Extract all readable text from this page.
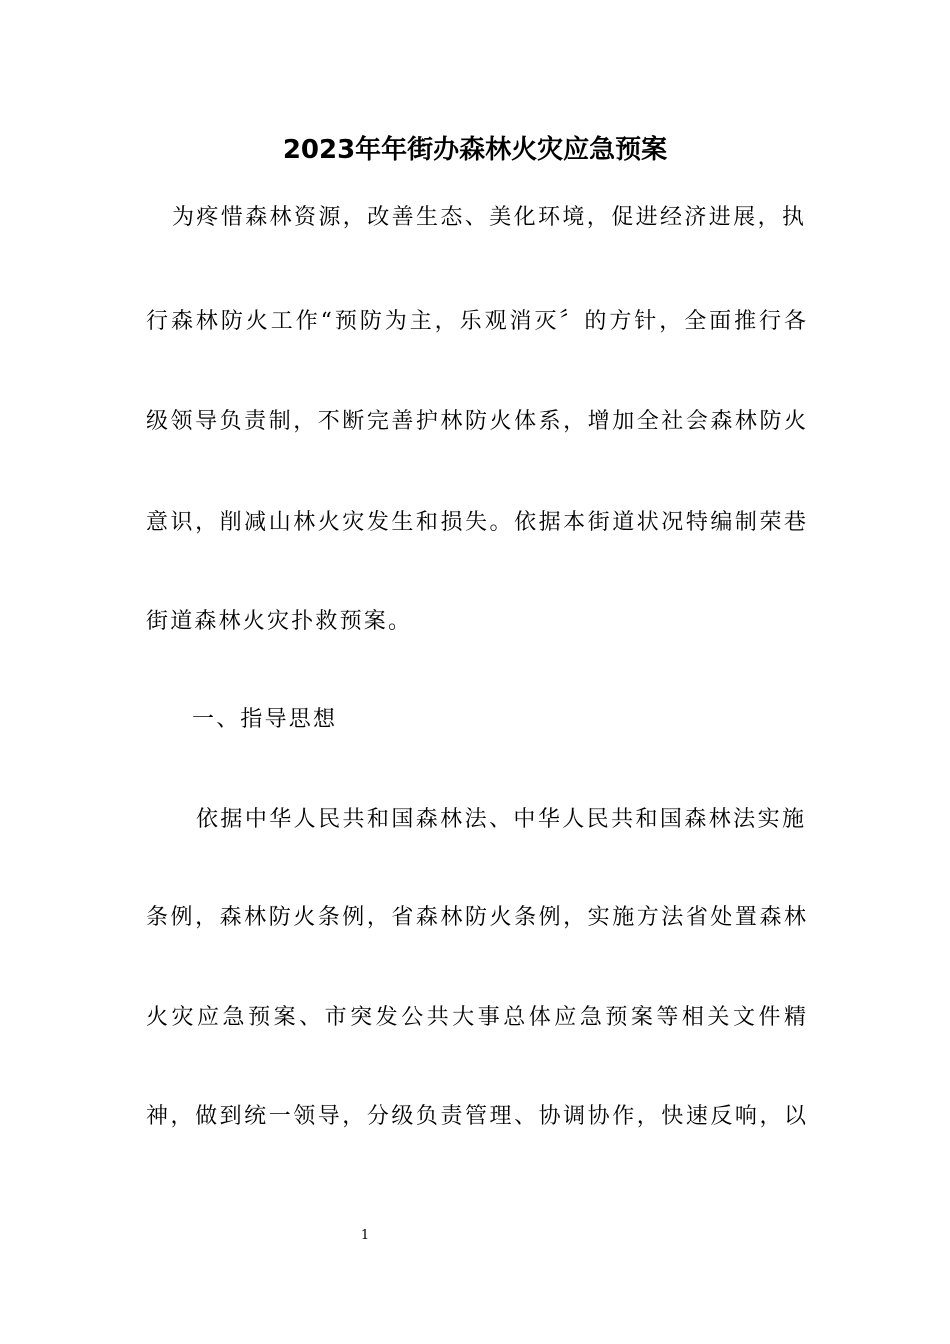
2023年年街办森林火灾应急预案

为疼惜森林资源，改善生态、美化环境，促进经济进展，执

行森林防火工作“预防为主，乐观消灭〞的方针，全面推行各

级领导负责制，不断完善护林防火体系，增加全社会森林防火

意识，削减山林火灾发生和损失。依据本街道状况特编制荣巷

街道森林火灾扑救预案。

一、指导思想

依据中华人民共和国森林法、中华人民共和国森林法实施

条例，森林防火条例，省森林防火条例，实施方法省处置森林

火灾应急预案、市突发公共大事总体应急预案等相关文件精

神，做到统一领导，分级负责管理、协调协作，快速反响，以

1
